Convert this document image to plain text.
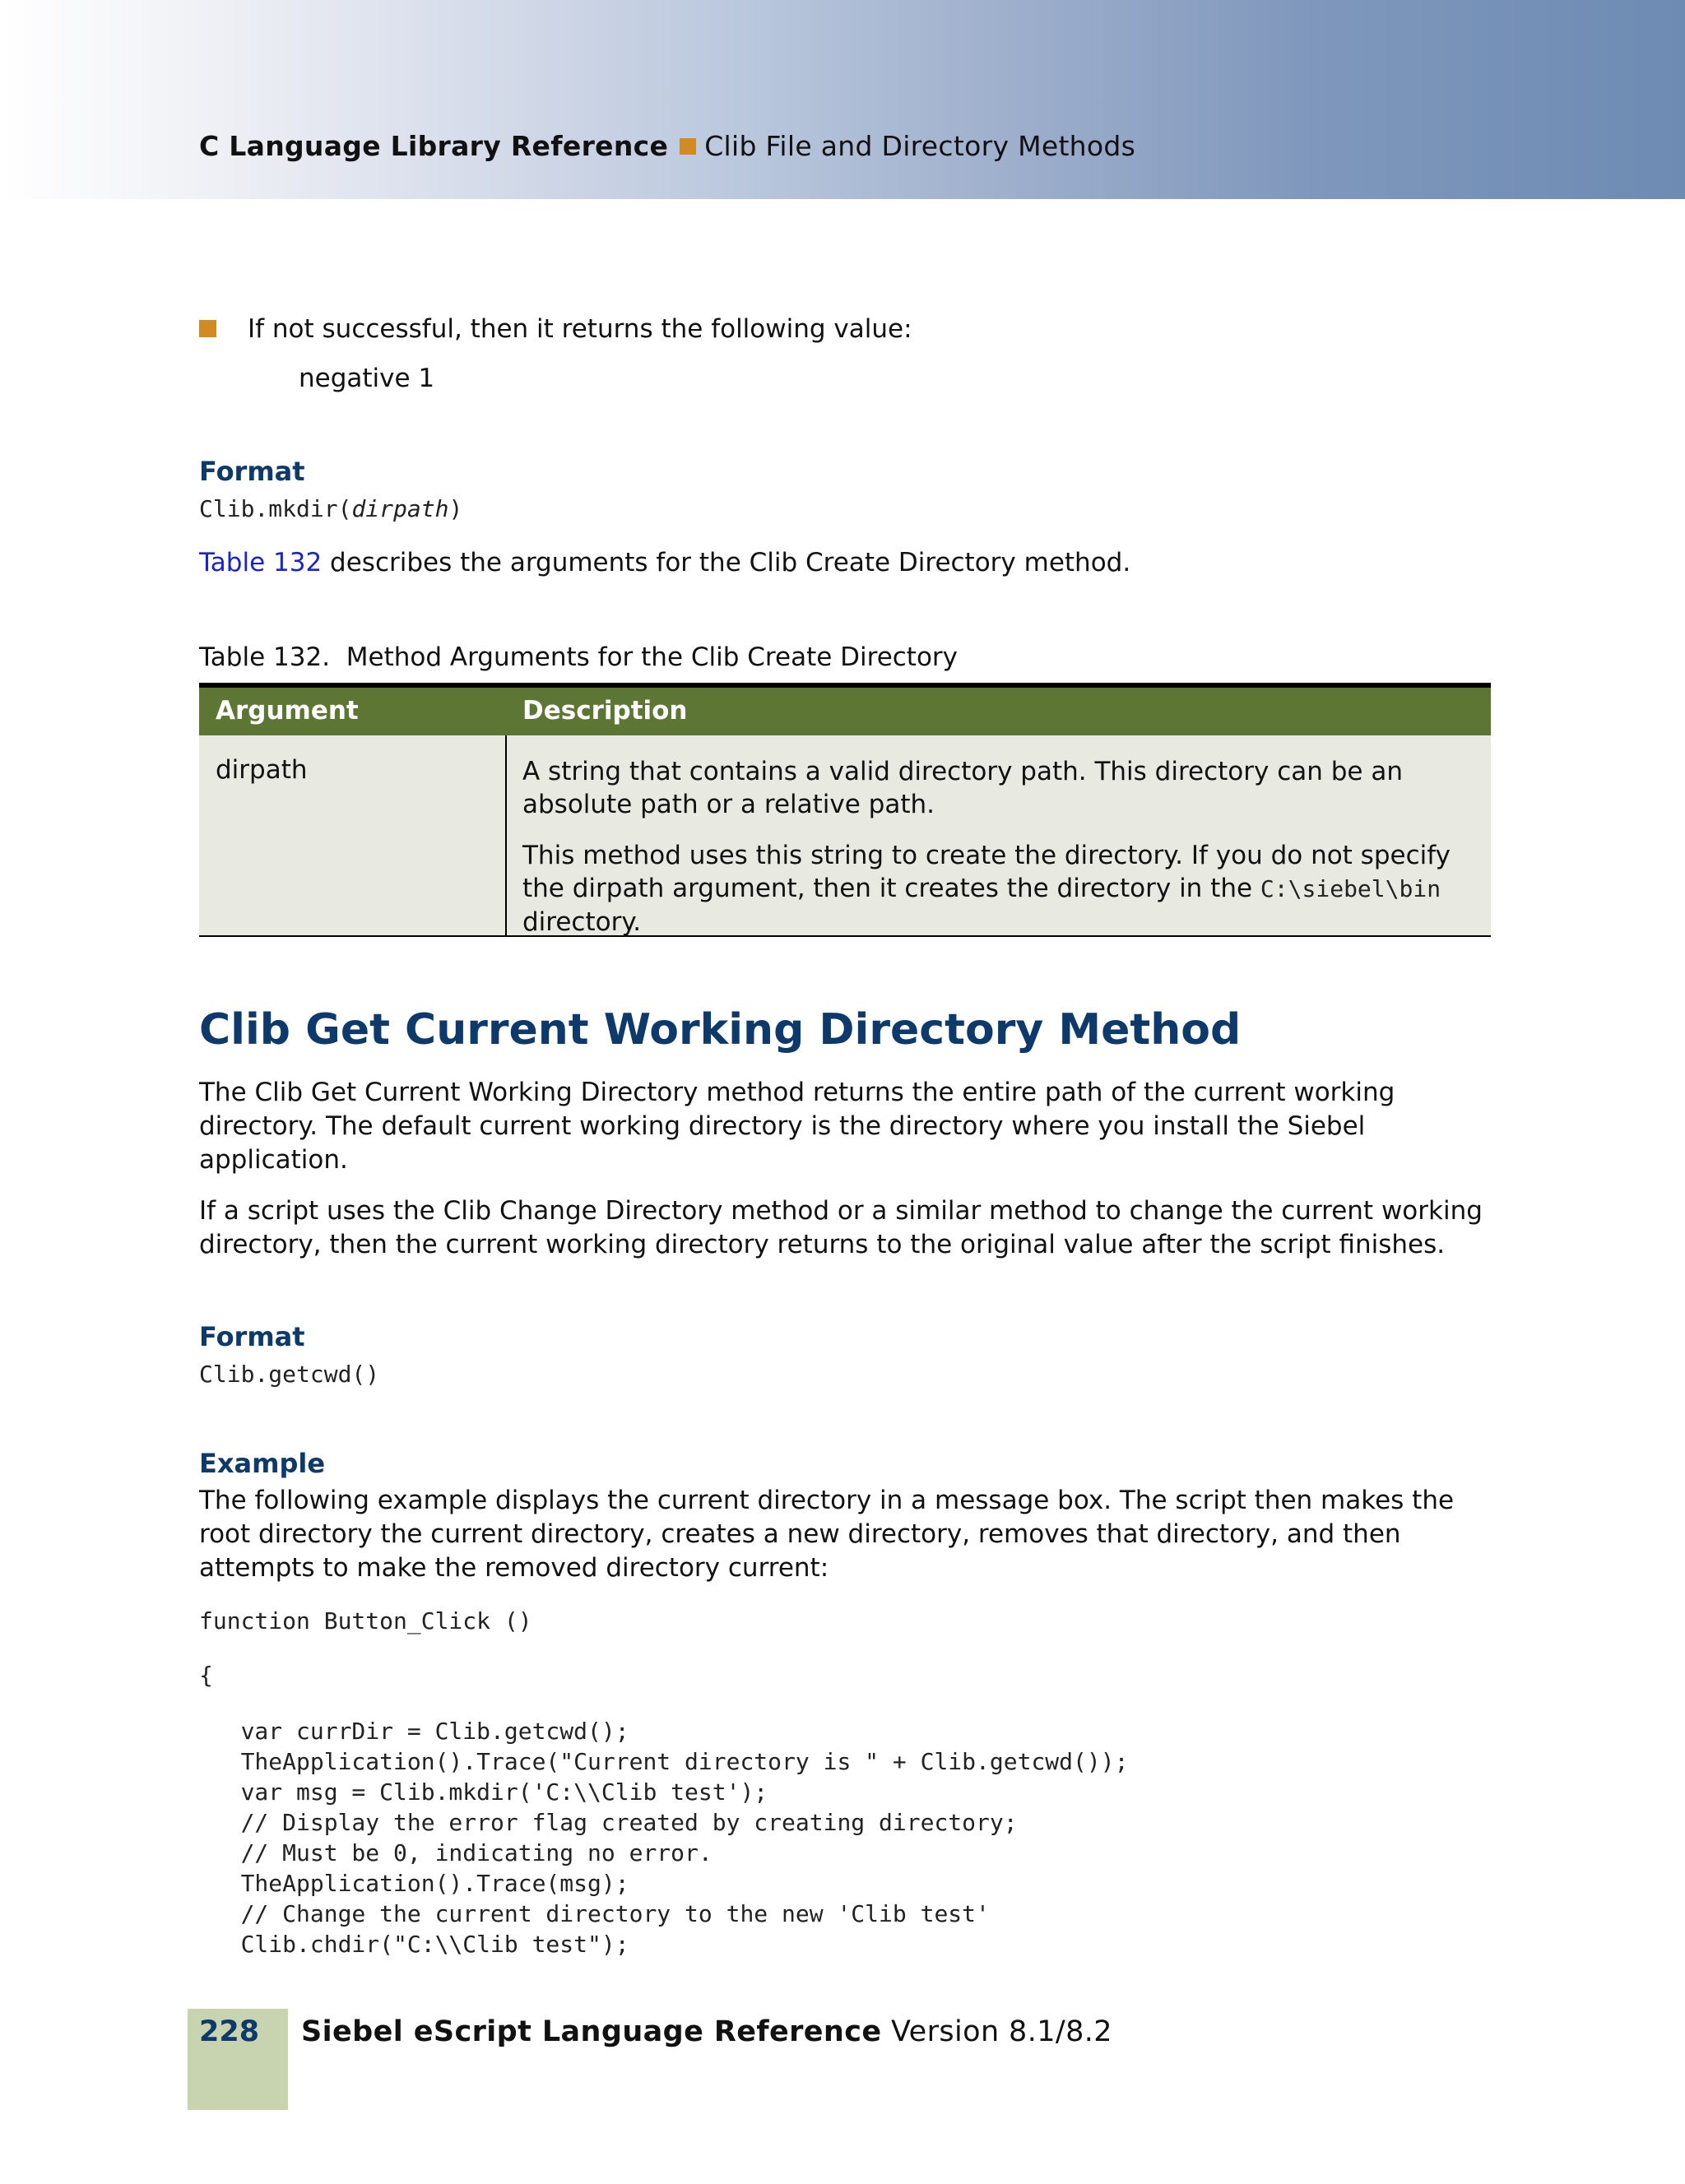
C Language Library Reference Clib File and Directory Methods
If not successful, then it returns the following value:
negative 1
Format
Clib.mkdir(dirpath)
Table 132 describes the arguments for the Clib Create Directory method.
Table 132.  Method Arguments for the Clib Create Directory
Argument	Description
dirpath	A string that contains a valid directory path. This directory can be an absolute path or a relative path.

This method uses this string to create the directory. If you do not specify the dirpath argument, then it creates the directory in the C:\siebel\bin directory.

Clib Get Current Working Directory Method
The Clib Get Current Working Directory method returns the entire path of the current working directory. The default current working directory is the directory where you install the Siebel application.
If a script uses the Clib Change Directory method or a similar method to change the current working directory, then the current working directory returns to the original value after the script finishes.
Format
Clib.getcwd()
Example
The following example displays the current directory in a message box. The script then makes the root directory the current directory, creates a new directory, removes that directory, and then attempts to make the removed directory current:
function Button_Click ()
{
var currDir = Clib.getcwd();
TheApplication().Trace("Current directory is " + Clib.getcwd());
var msg = Clib.mkdir('C:\\Clib test');
// Display the error flag created by creating directory;
// Must be 0, indicating no error.
TheApplication().Trace(msg);
// Change the current directory to the new 'Clib test'
Clib.chdir("C:\\Clib test");
228 Siebel eScript Language Reference Version 8.1/8.2
